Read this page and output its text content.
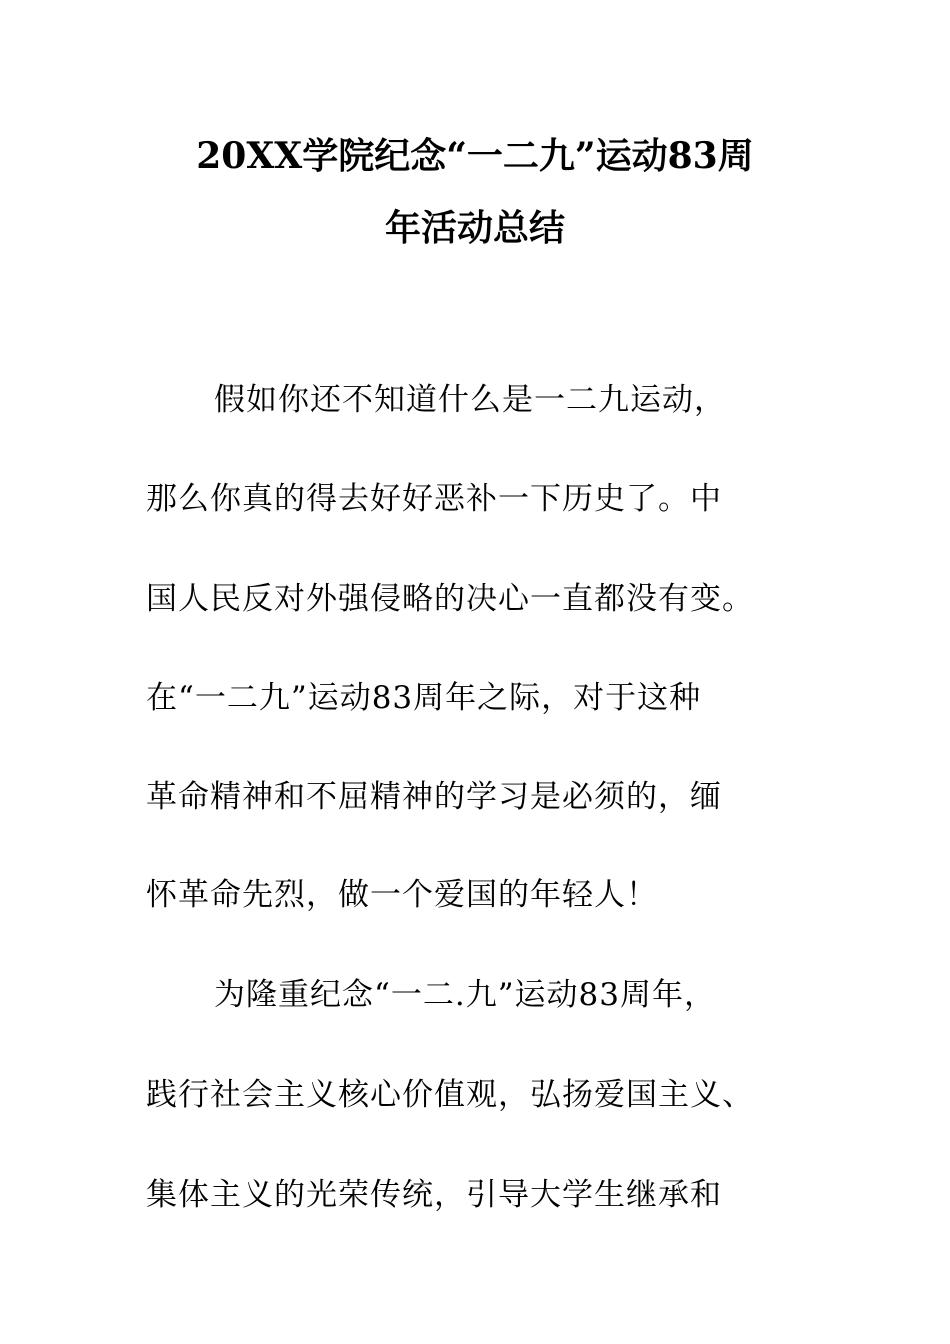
20XX学院纪念“一二九”运动83周
年活动总结
假如你还不知道什么是一二九运动，
那么你真的得去好好恶补一下历史了。中
国人民反对外强侵略的决心一直都没有变。
在“一二九”运动83周年之际，对于这种
革命精神和不屈精神的学习是必须的，缅
怀革命先烈，做一个爱国的年轻人！
为隆重纪念“一二.九”运动83周年，
践行社会主义核心价值观，弘扬爱国主义、
集体主义的光荣传统，引导大学生继承和
